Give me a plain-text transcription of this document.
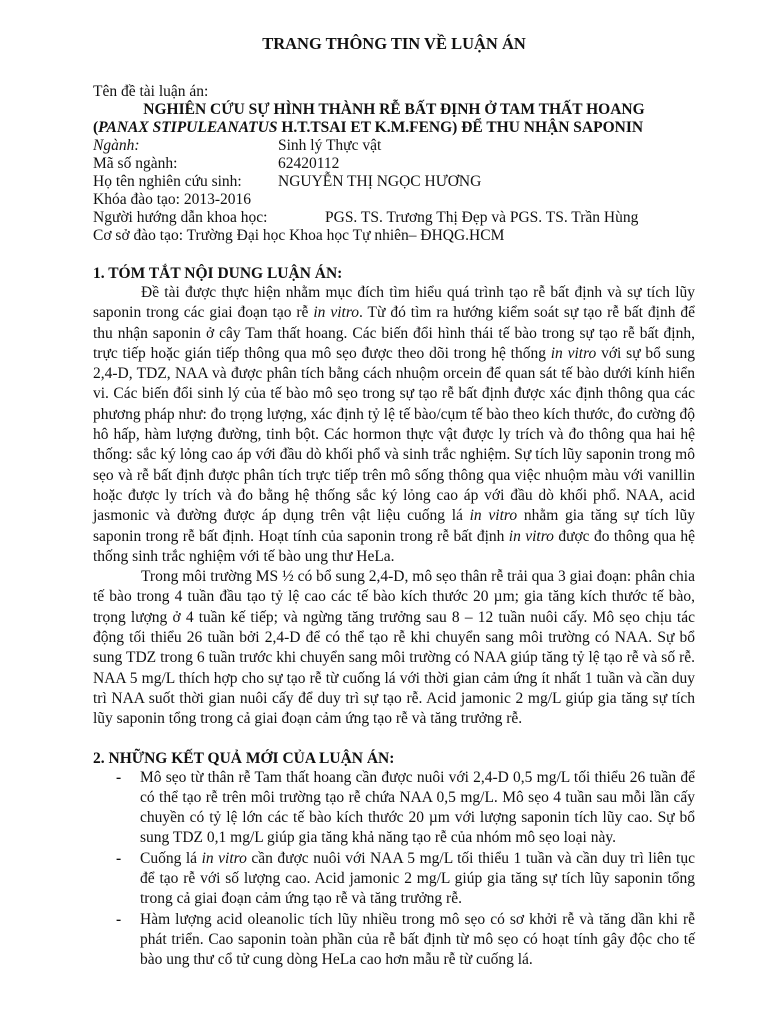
TRANG THÔNG TIN VỀ LUẬN ÁN

Tên đề tài luận án:

NGHIÊN CỨU SỰ HÌNH THÀNH RỄ BẤT ĐỊNH Ở TAM THẤT HOANG
(PANAX STIPULEANATUS H.T.TSAI ET K.M.FENG) ĐỂ THU NHẬN SAPONIN
Ngành:	Sinh lý Thực vật
Mã số ngành:	62420112
Họ tên nghiên cứu sinh:	NGUYỄN THỊ NGỌC HƯƠNG

Khóa đào tạo: 2013-2016

Người hướng dẫn khoa học:	PGS. TS. Trương Thị Đẹp và PGS. TS. Trần Hùng

Cơ sở đào tạo: Trường Đại học Khoa học Tự nhiên– ĐHQG.HCM

1. TÓM TẮT NỘI DUNG LUẬN ÁN:

Đề tài được thực hiện nhằm mục đích tìm hiểu quá trình tạo rễ bất định và sự tích lũy saponin trong các giai đoạn tạo rễ in vitro. Từ đó tìm ra hướng kiểm soát sự tạo rễ bất định để thu nhận saponin ở cây Tam thất hoang. Các biến đổi hình thái tế bào trong sự tạo rễ bất định, trực tiếp hoặc gián tiếp thông qua mô sẹo được theo dõi trong hệ thống in vitro với sự bổ sung 2,4-D, TDZ, NAA và được phân tích bằng cách nhuộm orcein để quan sát tế bào dưới kính hiển vi. Các biến đổi sinh lý của tế bào mô sẹo trong sự tạo rễ bất định được xác định thông qua các phương pháp như: đo trọng lượng, xác định tỷ lệ tế bào/cụm tế bào theo kích thước, đo cường độ hô hấp, hàm lượng đường, tinh bột. Các hormon thực vật được ly trích và đo thông qua hai hệ thống: sắc ký lỏng cao áp với đầu dò khối phổ và sinh trắc nghiệm. Sự tích lũy saponin trong mô sẹo và rễ bất định được phân tích trực tiếp trên mô sống thông qua việc nhuộm màu với vanillin hoặc được ly trích và đo bằng hệ thống sắc ký lỏng cao áp với đầu dò khối phổ. NAA, acid jasmonic và đường được áp dụng trên vật liệu cuống lá in vitro nhằm gia tăng sự tích lũy saponin trong rễ bất định. Hoạt tính của saponin trong rễ bất định in vitro được đo thông qua hệ thống sinh trắc nghiệm với tế bào ung thư HeLa.

Trong môi trường MS ½ có bổ sung 2,4-D, mô sẹo thân rễ trải qua 3 giai đoạn: phân chia tế bào trong 4 tuần đầu tạo tỷ lệ cao các tế bào kích thước 20 µm; gia tăng kích thước tế bào, trọng lượng ở 4 tuần kế tiếp; và ngừng tăng trưởng sau 8 – 12 tuần nuôi cấy. Mô sẹo chịu tác động tối thiểu 26 tuần bởi 2,4-D để có thể tạo rễ khi chuyển sang môi trường có NAA. Sự bổ sung TDZ trong 6 tuần trước khi chuyển sang môi trường có NAA giúp tăng tỷ lệ tạo rễ và số rễ. NAA 5 mg/L thích hợp cho sự tạo rễ từ cuống lá với thời gian cảm ứng ít nhất 1 tuần và cần duy trì NAA suốt thời gian nuôi cấy để duy trì sự tạo rễ. Acid jamonic 2 mg/L giúp gia tăng sự tích lũy saponin tổng trong cả giai đoạn cảm ứng tạo rễ và tăng trưởng rễ.

2. NHỮNG KẾT QUẢ MỚI CỦA LUẬN ÁN:
- Mô sẹo từ thân rễ Tam thất hoang cần được nuôi với 2,4-D 0,5 mg/L tối thiểu 26 tuần để có thể tạo rễ trên môi trường tạo rễ chứa NAA 0,5 mg/L. Mô sẹo 4 tuần sau mỗi lần cấy chuyền có tỷ lệ lớn các tế bào kích thước 20 µm với lượng saponin tích lũy cao. Sự bổ sung TDZ 0,1 mg/L giúp gia tăng khả năng tạo rễ của nhóm mô sẹo loại này.
- Cuống lá in vitro cần được nuôi với NAA 5 mg/L tối thiểu 1 tuần và cần duy trì liên tục để tạo rễ với số lượng cao. Acid jamonic 2 mg/L giúp gia tăng sự tích lũy saponin tổng trong cả giai đoạn cảm ứng tạo rễ và tăng trưởng rễ.
- Hàm lượng acid oleanolic tích lũy nhiều trong mô sẹo có sơ khởi rễ và tăng dần khi rễ phát triển. Cao saponin toàn phần của rễ bất định từ mô sẹo có hoạt tính gây độc cho tế bào ung thư cổ tử cung dòng HeLa cao hơn mẫu rễ từ cuống lá.
